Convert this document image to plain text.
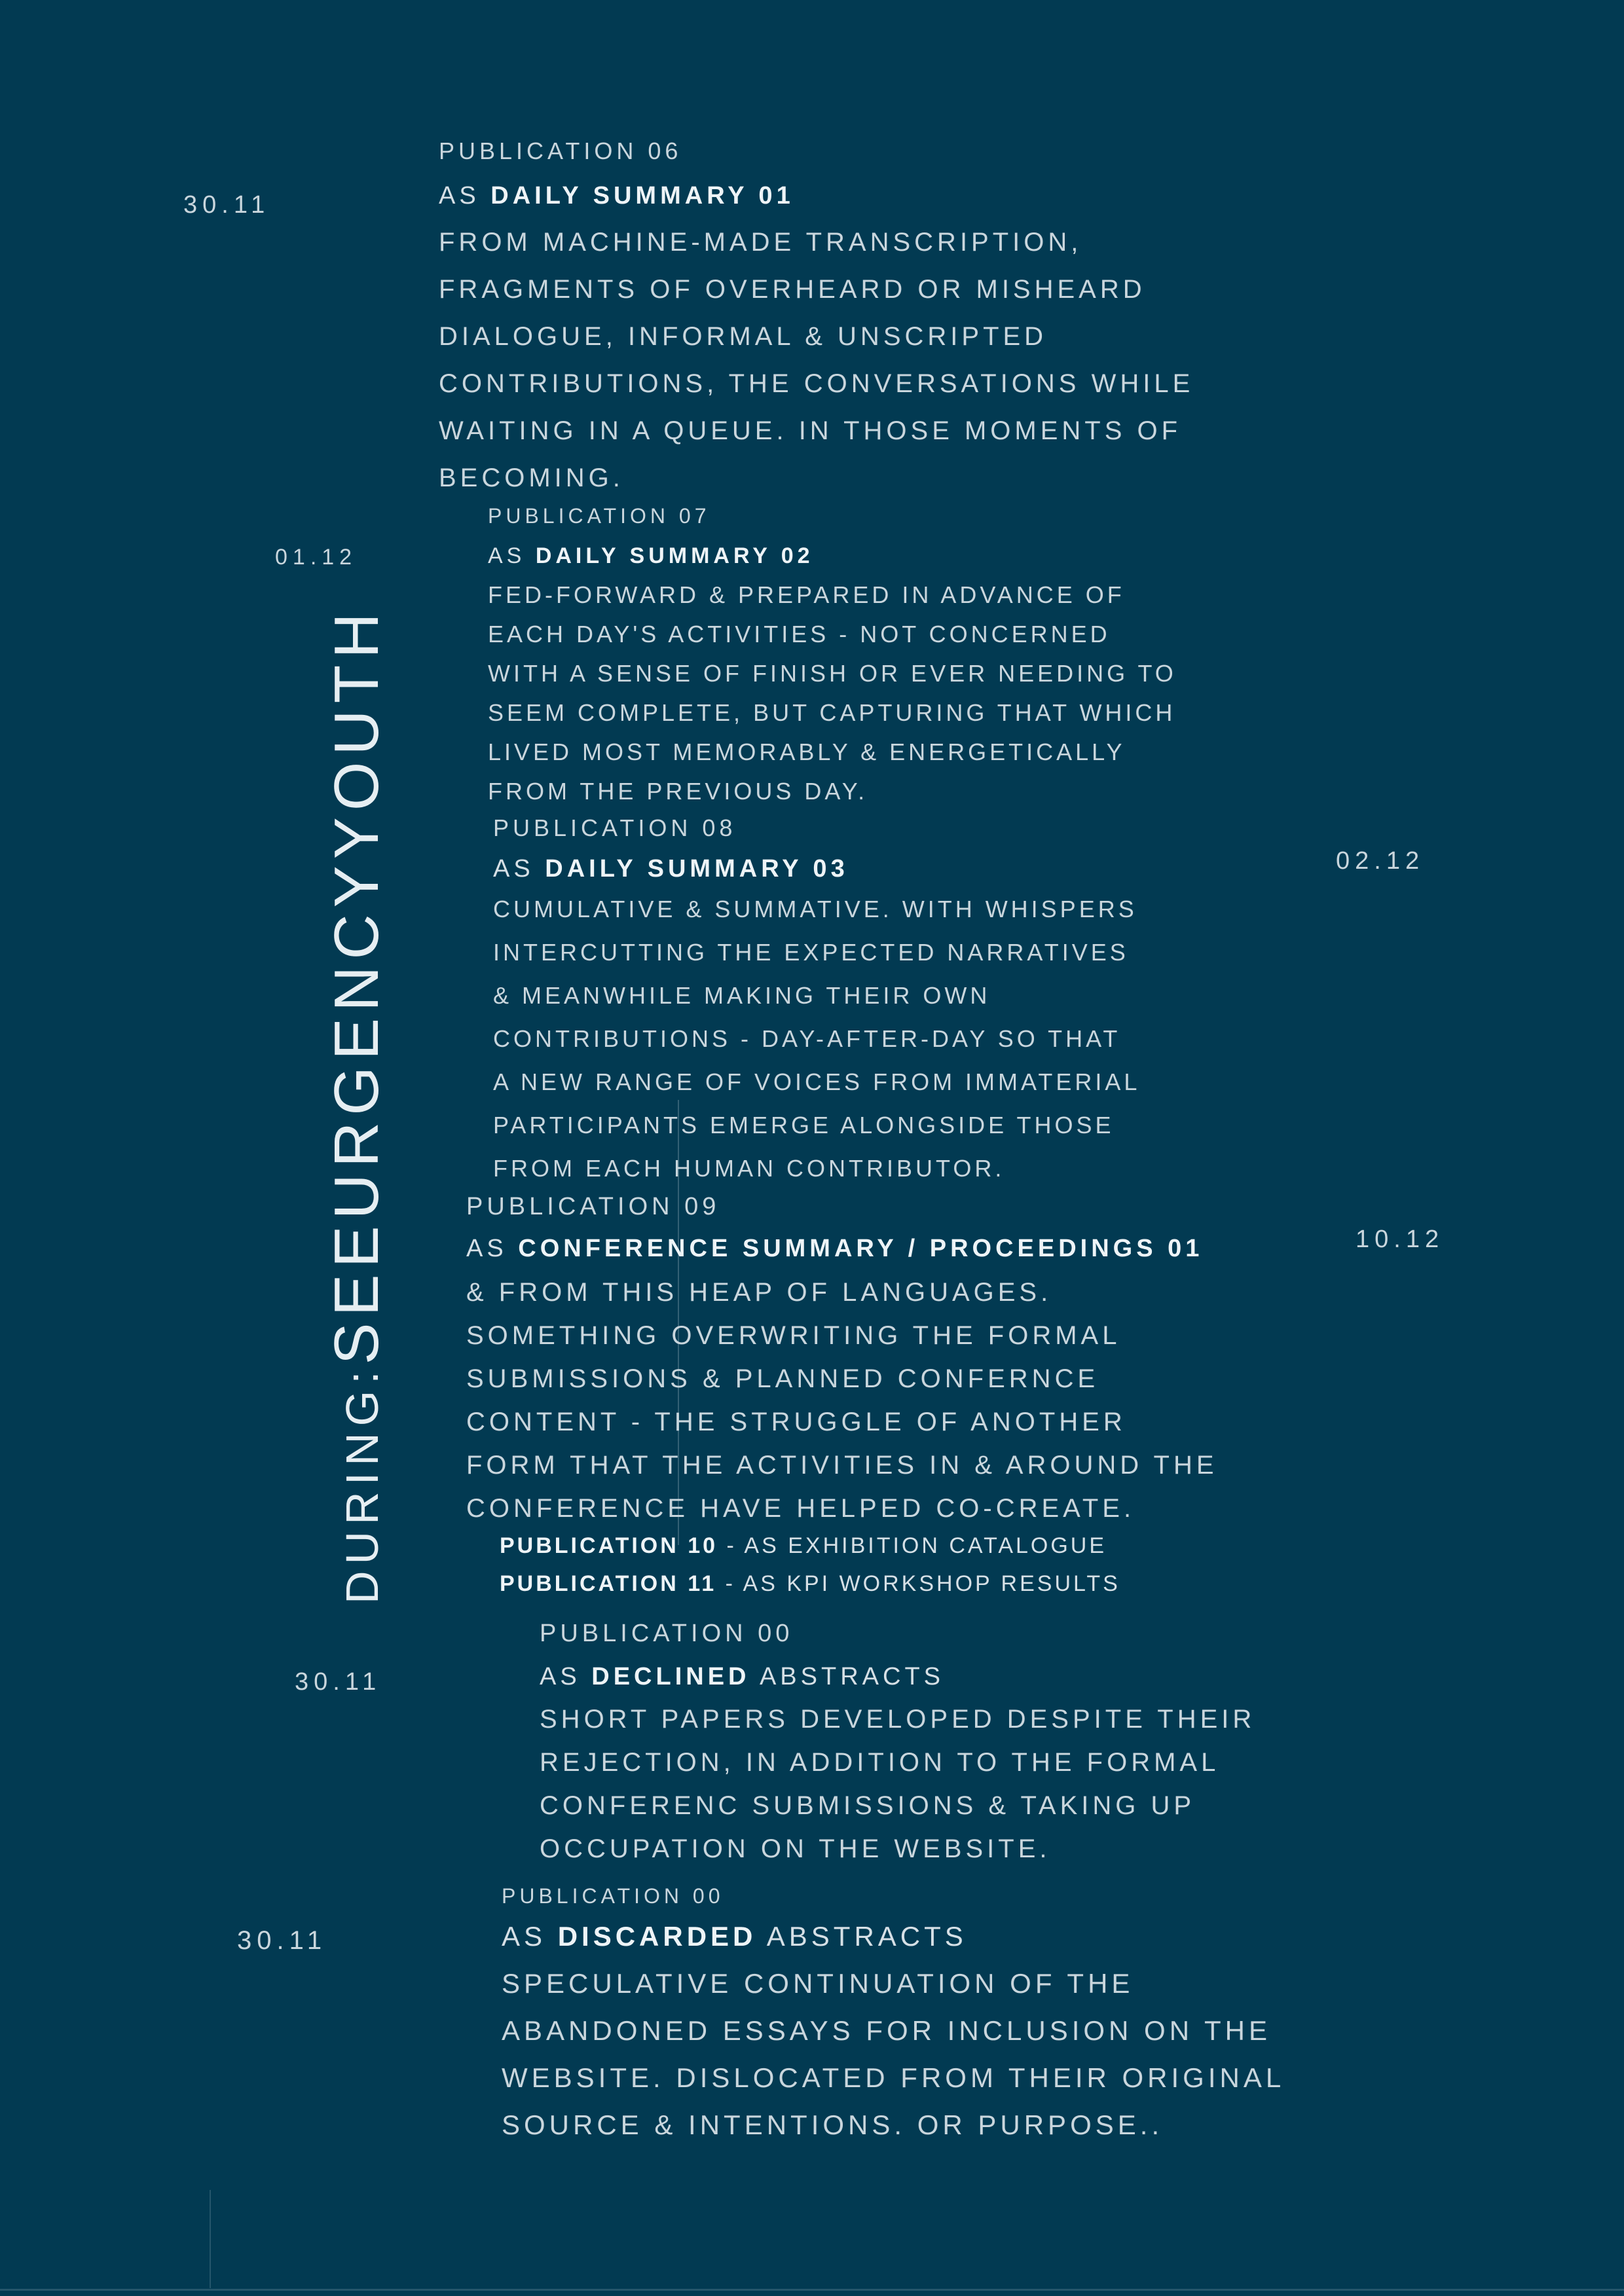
DURING:SEEURGENCYYOUTH
30.11
PUBLICATION 06
AS DAILY SUMMARY 01
FROM MACHINE-MADE TRANSCRIPTION,
FRAGMENTS OF OVERHEARD OR MISHEARD
DIALOGUE, INFORMAL & UNSCRIPTED
CONTRIBUTIONS, THE CONVERSATIONS WHILE
WAITING IN A QUEUE. IN THOSE MOMENTS OF
BECOMING.
01.12
PUBLICATION 07
AS DAILY SUMMARY 02
FED-FORWARD & PREPARED IN ADVANCE OF
EACH DAY'S ACTIVITIES - NOT CONCERNED
WITH A SENSE OF FINISH OR EVER NEEDING TO
SEEM COMPLETE, BUT CAPTURING THAT WHICH
LIVED MOST MEMORABLY & ENERGETICALLY
FROM THE PREVIOUS DAY.
02.12
PUBLICATION 08
AS DAILY SUMMARY 03
CUMULATIVE & SUMMATIVE. WITH WHISPERS
INTERCUTTING THE EXPECTED NARRATIVES
& MEANWHILE MAKING THEIR OWN
CONTRIBUTIONS - DAY-AFTER-DAY SO THAT
A NEW RANGE OF VOICES FROM IMMATERIAL
PARTICIPANTS EMERGE ALONGSIDE THOSE
FROM EACH HUMAN CONTRIBUTOR.
10.12
PUBLICATION 09
AS CONFERENCE SUMMARY / PROCEEDINGS 01
& FROM THIS HEAP OF LANGUAGES.
SOMETHING OVERWRITING THE FORMAL
SUBMISSIONS & PLANNED CONFERNCE
CONTENT - THE STRUGGLE OF ANOTHER
FORM THAT THE ACTIVITIES IN & AROUND THE
CONFERENCE HAVE HELPED CO-CREATE.
PUBLICATION 10 - AS EXHIBITION CATALOGUE
PUBLICATION 11 - AS KPI WORKSHOP RESULTS
30.11
PUBLICATION 00
AS DECLINED ABSTRACTS
SHORT PAPERS DEVELOPED DESPITE THEIR
REJECTION, IN ADDITION TO THE FORMAL
CONFERENC SUBMISSIONS & TAKING UP
OCCUPATION ON THE WEBSITE.
30.11
PUBLICATION 00
AS DISCARDED ABSTRACTS
SPECULATIVE CONTINUATION OF THE
ABANDONED ESSAYS FOR INCLUSION ON THE
WEBSITE. DISLOCATED FROM THEIR ORIGINAL
SOURCE & INTENTIONS. OR PURPOSE..
